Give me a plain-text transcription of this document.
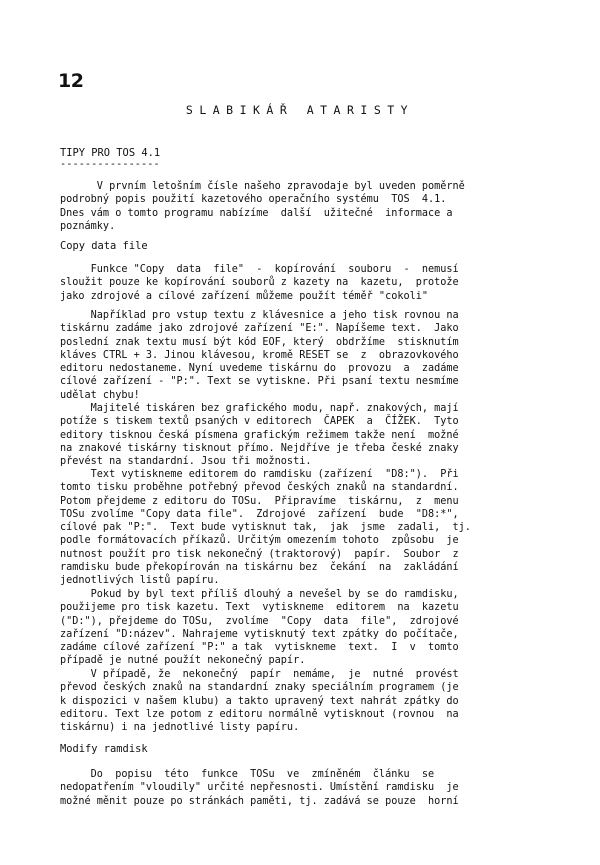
12
SLABIKÁŘ ATARISTY
TIPY PRO TOS 4.1
----------------
V prvním letošním čísle našeho zpravodaje byl uveden poměrně
podrobný popis použití kazetového operačního systému  TOS  4.1.
Dnes vám o tomto programu nabízíme  další  užitečné  informace a
poznámky.
Copy data file
Funkce "Copy  data  file"  -  kopírování  souboru  -  nemusí
sloužit pouze ke kopírování souborů z kazety na  kazetu,  protože
jako zdrojové a cílové zařízení můžeme použít téměř "cokoli"
Například pro vstup textu z klávesnice a jeho tisk rovnou na
tiskárnu zadáme jako zdrojové zařízení "E:". Napíšeme text.  Jako
poslední znak textu musí být kód EOF, který  obdržíme  stisknutím
kláves CTRL + 3. Jinou klávesou, kromě RESET se  z  obrazovkového
editoru nedostaneme. Nyní uvedeme tiskárnu do  provozu  a  zadáme
cílové zařízení - "P:". Text se vytiskne. Při psaní textu nesmíme
udělat chybu!
Majitelé tiskáren bez grafického modu, např. znakových, mají
potíže s tiskem textů psaných v editorech  ČAPEK  a  ČÍŽEK.  Tyto
editory tisknou česká písmena grafickým režimem takže není  možné
na znakové tiskárny tisknout přímo. Nejdříve je třeba české znaky
převést na standardní. Jsou tři možnosti.
Text vytiskneme editorem do ramdisku (zařízení  "D8:").  Při
tomto tisku proběhne potřebný převod českých znaků na standardní.
Potom přejdeme z editoru do TOSu.  Připravíme  tiskárnu,  z  menu
TOSu zvolíme "Copy data file".  Zdrojové  zařízení  bude  "D8:*",
cílové pak "P:".  Text bude vytisknut tak,  jak  jsme  zadali,  tj.
podle formátovacích příkazů. Určitým omezením tohoto  způsobu  je
nutnost použít pro tisk nekonečný (traktorový)  papír.  Soubor  z
ramdisku bude překopírován na tiskárnu bez  čekání  na  zakládání
jednotlivých listů papíru.
Pokud by byl text příliš dlouhý a nevešel by se do ramdisku,
použijeme pro tisk kazetu. Text  vytiskneme  editorem  na  kazetu
("D:"), přejdeme do TOSu,  zvolíme  "Copy  data  file",  zdrojové
zařízení "D:název". Nahrajeme vytisknutý text zpátky do počítače,
zadáme cílové zařízení "P:" a tak  vytiskneme  text.  I  v  tomto
případě je nutné použít nekonečný papír.
V případě, že  nekonečný  papír  nemáme,  je  nutné  provést
převod českých znaků na standardní znaky speciálním programem (je
k dispozici v našem klubu) a takto upravený text nahrát zpátky do
editoru. Text lze potom z editoru normálně vytisknout (rovnou  na
tiskárnu) i na jednotlivé listy papíru.
Modify ramdisk
Do  popisu  této  funkce  TOSu  ve  zmíněném  článku  se
nedopatřením "vloudily" určité nepřesnosti. Umístění ramdisku  je
možné měnit pouze po stránkách paměti, tj. zadává se pouze  horní
